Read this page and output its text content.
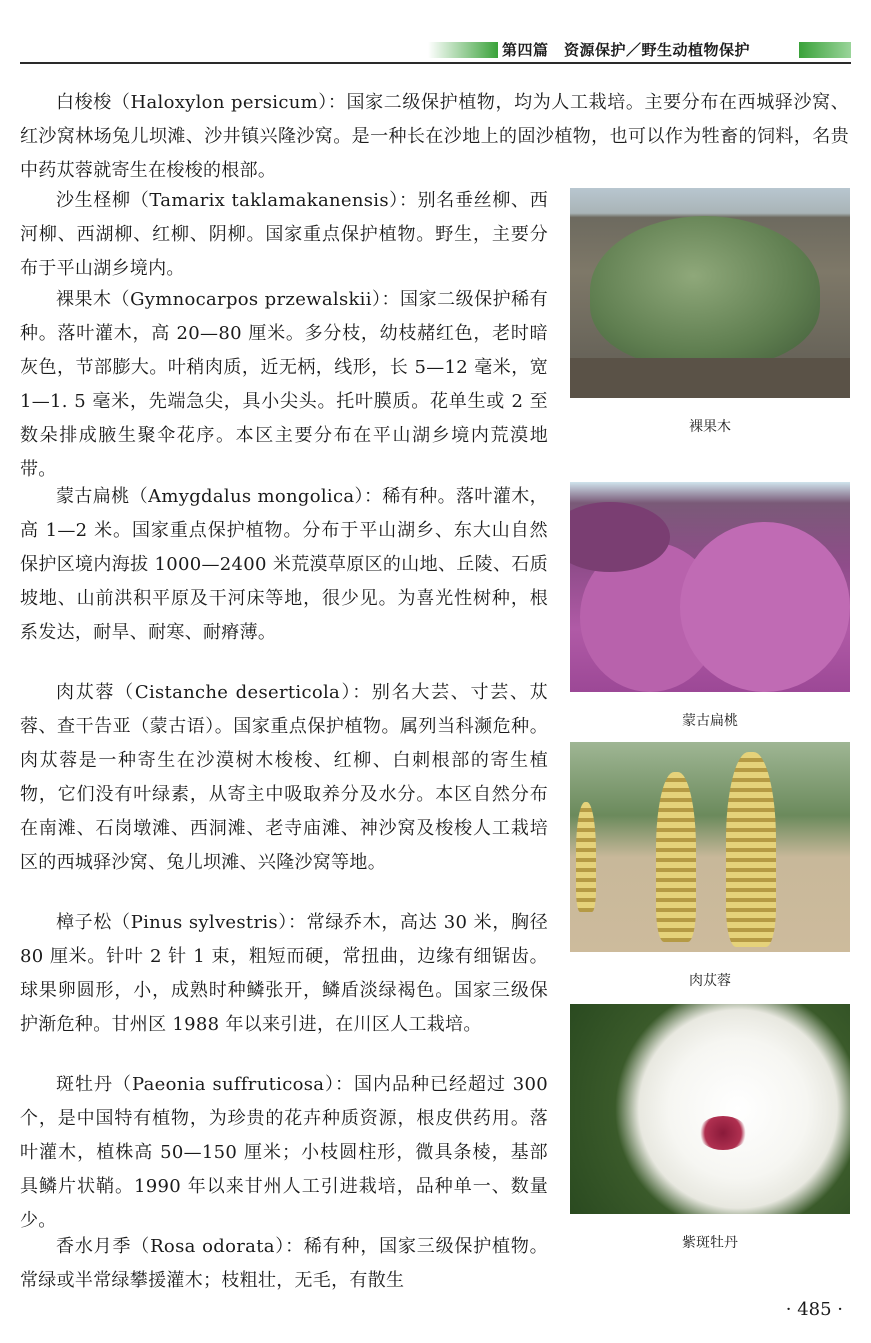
第四篇　资源保护／野生动植物保护

白梭梭（Haloxylon persicum）：国家二级保护植物，均为人工栽培。主要分布在西城驿沙窝、红沙窝林场兔儿坝滩、沙井镇兴隆沙窝。是一种长在沙地上的固沙植物，也可以作为牲畜的饲料，名贵中药苁蓉就寄生在梭梭的根部。

沙生柽柳（Tamarix taklamakanensis）：别名垂丝柳、西河柳、西湖柳、红柳、阴柳。国家重点保护植物。野生，主要分布于平山湖乡境内。

裸果木（Gymnocarpos przewalskii）：国家二级保护稀有种。落叶灌木，高 20—80 厘米。多分枝，幼枝赭红色，老时暗灰色，节部膨大。叶稍肉质，近无柄，线形，长 5—12 毫米，宽 1—1. 5 毫米，先端急尖，具小尖头。托叶膜质。花单生或 2 至数朵排成腋生聚伞花序。本区主要分布在平山湖乡境内荒漠地带。

蒙古扁桃（Amygdalus mongolica）：稀有种。落叶灌木，高 1—2 米。国家重点保护植物。分布于平山湖乡、东大山自然保护区境内海拔 1000—2400 米荒漠草原区的山地、丘陵、石质坡地、山前洪积平原及干河床等地，很少见。为喜光性树种，根系发达，耐旱、耐寒、耐瘠薄。

肉苁蓉（Cistanche deserticola）：别名大芸、寸芸、苁蓉、查干告亚（蒙古语）。国家重点保护植物。属列当科濒危种。肉苁蓉是一种寄生在沙漠树木梭梭、红柳、白刺根部的寄生植物，它们没有叶绿素，从寄主中吸取养分及水分。本区自然分布在南滩、石岗墩滩、西洞滩、老寺庙滩、神沙窝及梭梭人工栽培区的西城驿沙窝、兔儿坝滩、兴隆沙窝等地。

樟子松（Pinus sylvestris）：常绿乔木，高达 30 米，胸径 80 厘米。针叶 2 针 1 束，粗短而硬，常扭曲，边缘有细锯齿。球果卵圆形，小，成熟时种鳞张开，鳞盾淡绿褐色。国家三级保护渐危种。甘州区 1988 年以来引进，在川区人工栽培。

斑牡丹（Paeonia suffruticosa）：国内品种已经超过 300 个，是中国特有植物，为珍贵的花卉种质资源，根皮供药用。落叶灌木，植株高 50—150 厘米；小枝圆柱形，微具条棱，基部具鳞片状鞘。1990 年以来甘州人工引进栽培，品种单一、数量少。

香水月季（Rosa odorata）：稀有种，国家三级保护植物。常绿或半常绿攀援灌木；枝粗壮，无毛，有散生

裸果木
蒙古扁桃
肉苁蓉
紫斑牡丹
· 485 ·
